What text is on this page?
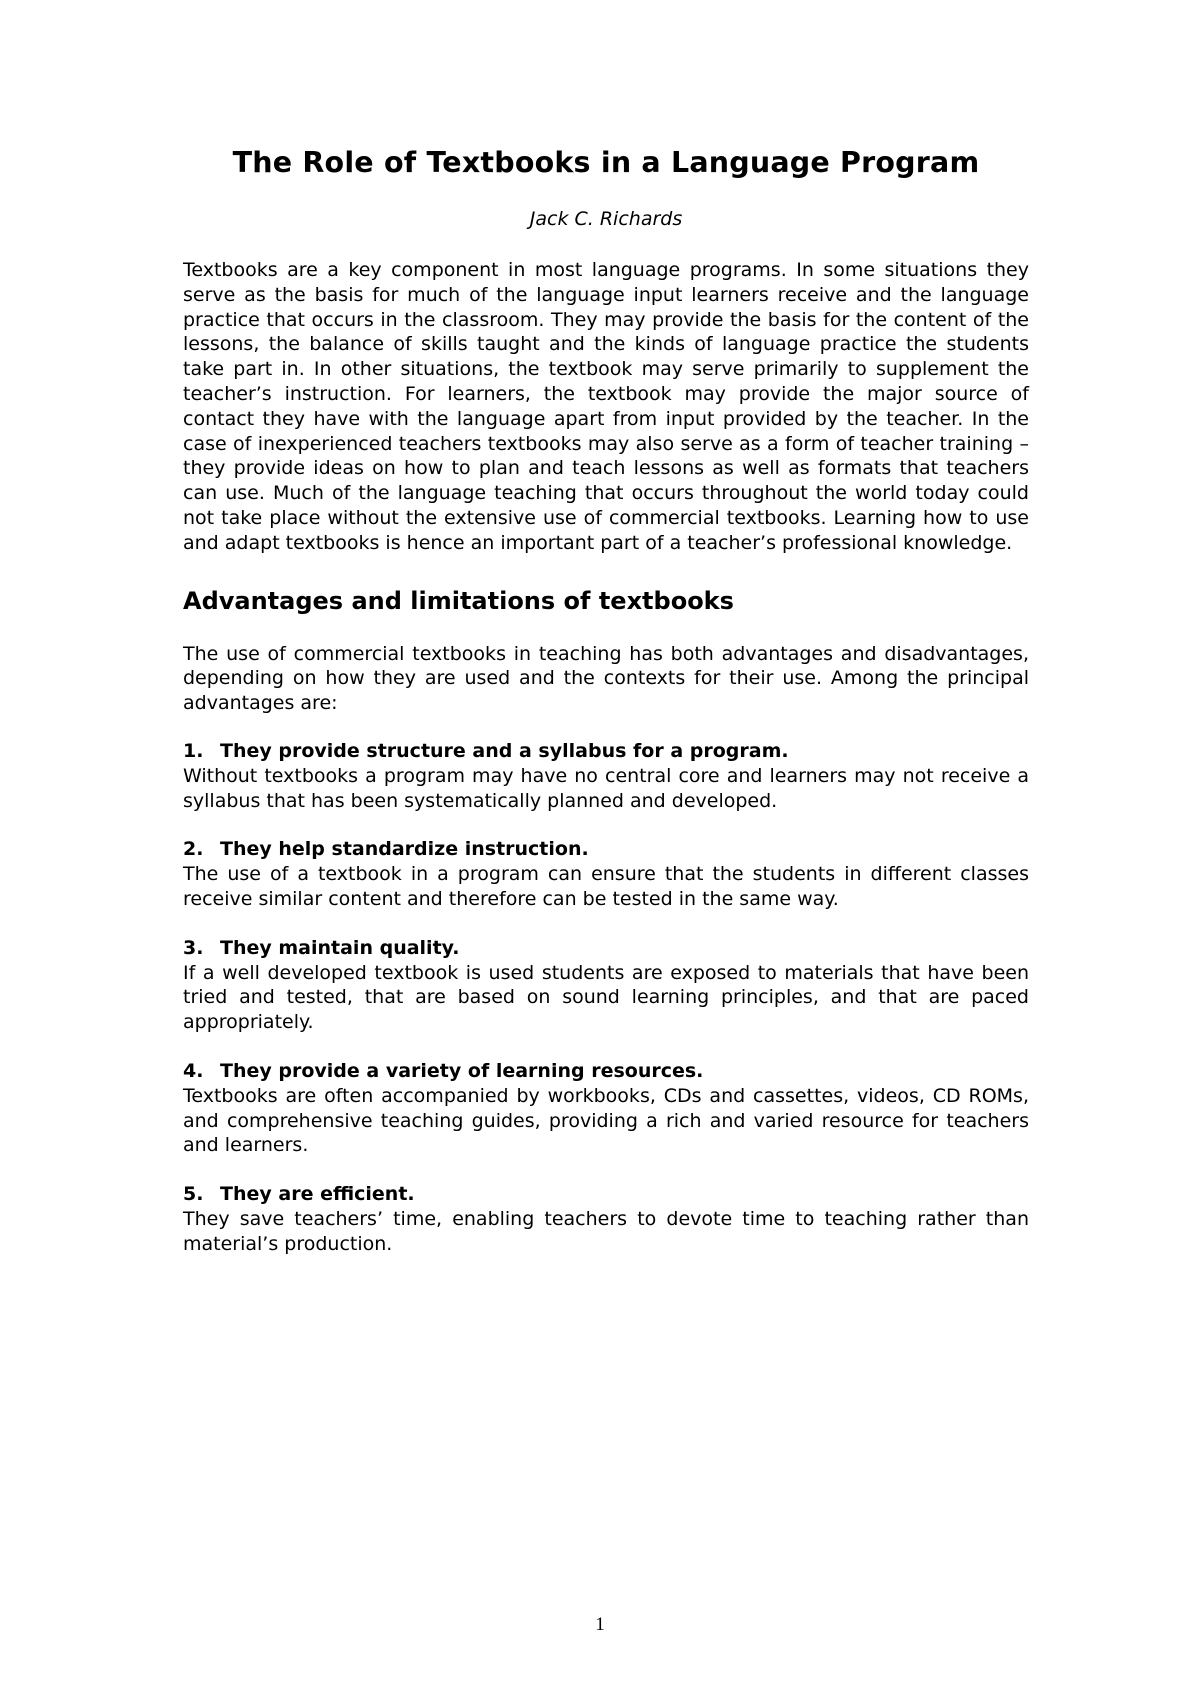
The Role of Textbooks in a Language Program

Jack C. Richards

Textbooks are a key component in most language programs. In some situations they serve as the basis for much of the language input learners receive and the language practice that occurs in the classroom. They may provide the basis for the content of the lessons, the balance of skills taught and the kinds of language practice the students take part in. In other situations, the textbook may serve primarily to supplement the teacher’s instruction. For learners, the textbook may provide the major source of contact they have with the language apart from input provided by the teacher. In the case of inexperienced teachers textbooks may also serve as a form of teacher training – they provide ideas on how to plan and teach lessons as well as formats that teachers can use. Much of the language teaching that occurs throughout the world today could not take place without the extensive use of commercial textbooks. Learning how to use and adapt textbooks is hence an important part of a teacher’s professional knowledge.

Advantages and limitations of textbooks

The use of commercial textbooks in teaching has both advantages and disadvantages, depending on how they are used and the contexts for their use. Among the principal advantages are:

1. They provide structure and a syllabus for a program.

Without textbooks a program may have no central core and learners may not receive a syllabus that has been systematically planned and developed.

2. They help standardize instruction.

The use of a textbook in a program can ensure that the students in different classes receive similar content and therefore can be tested in the same way.

3. They maintain quality.

If a well developed textbook is used students are exposed to materials that have been tried and tested, that are based on sound learning principles, and that are paced appropriately.

4. They provide a variety of learning resources.

Textbooks are often accompanied by workbooks, CDs and cassettes, videos, CD ROMs, and comprehensive teaching guides, providing a rich and varied resource for teachers and learners.

5. They are efficient.

They save teachers’ time, enabling teachers to devote time to teaching rather than material’s production.

1
